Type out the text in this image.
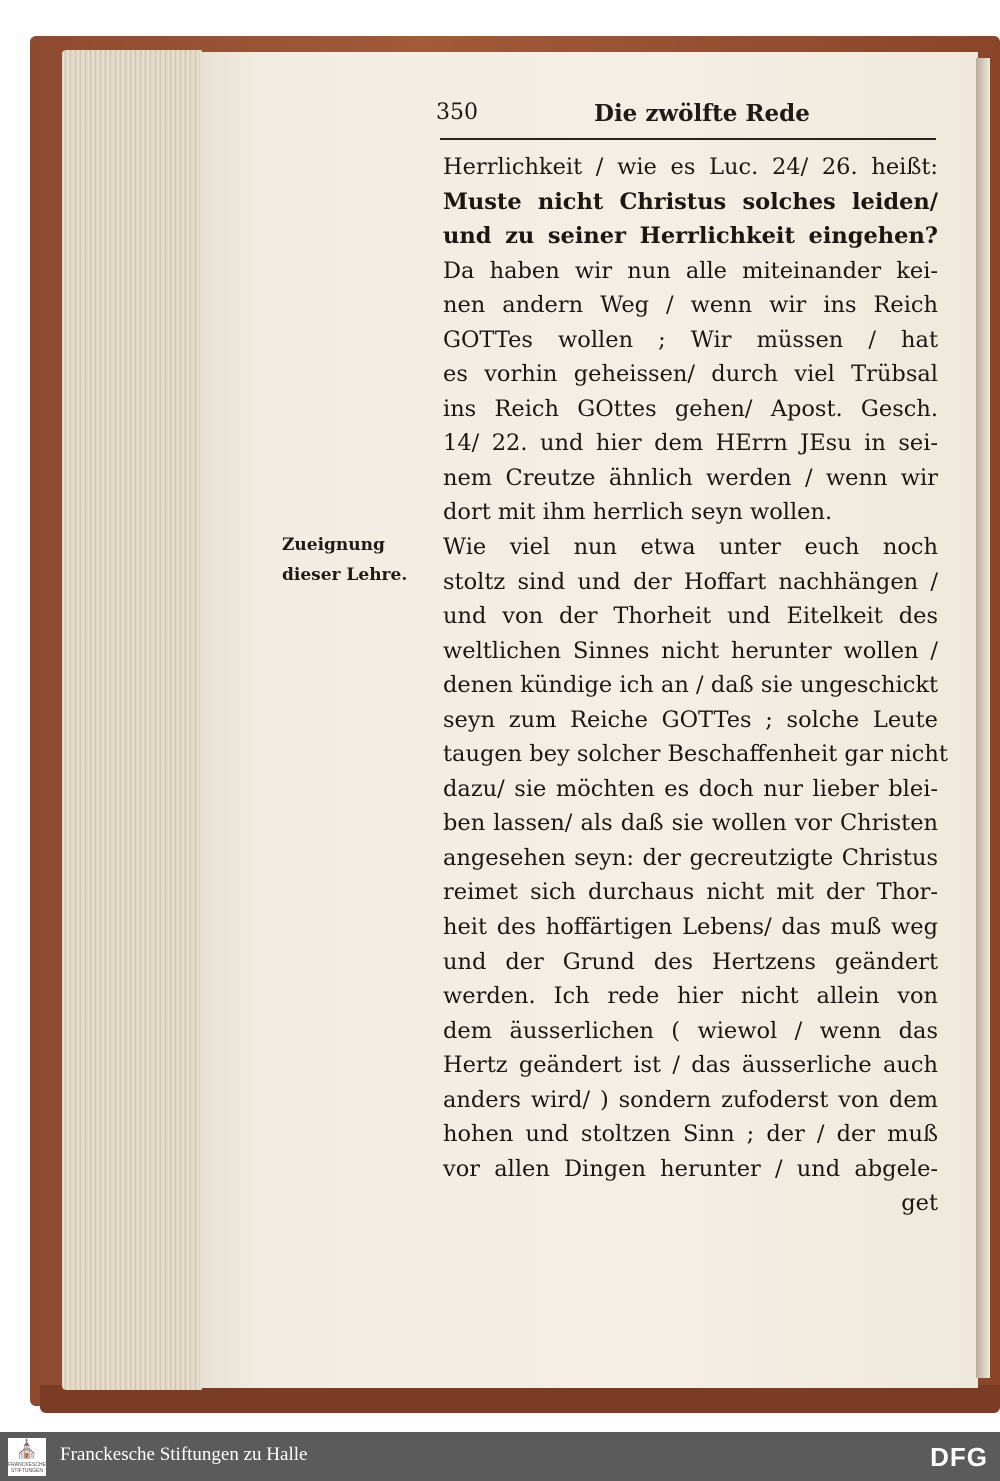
350	Die zwölfte Rede
Zueignung
dieser Lehre.
Herrlichkeit / wie es Luc. 24/ 26. heißt:
Muste nicht Christus solches leiden/
und zu seiner Herrlichkeit eingehen?
Da haben wir nun alle miteinander kei-
nen andern Weg / wenn wir ins Reich
GOTTes wollen ; Wir müssen / hat
es vorhin geheissen/ durch viel Trübsal
ins Reich GOttes gehen/ Apost. Gesch.
14/ 22. und hier dem HErrn JEsu in sei-
nem Creutze ähnlich werden / wenn wir
dort mit ihm herrlich seyn wollen.
Wie viel nun etwa unter euch noch
stoltz sind und der Hoffart nachhängen /
und von der Thorheit und Eitelkeit des
weltlichen Sinnes nicht herunter wollen /
denen kündige ich an / daß sie ungeschickt
seyn zum Reiche GOTTes ; solche Leute
taugen bey solcher Beschaffenheit gar nicht
dazu/ sie möchten es doch nur lieber blei-
ben lassen/ als daß sie wollen vor Christen
angesehen seyn: der gecreutzigte Christus
reimet sich durchaus nicht mit der Thor-
heit des hoffärtigen Lebens/ das muß weg
und der Grund des Hertzens geändert
werden. Ich rede hier nicht allein von
dem äusserlichen ( wiewol / wenn das
Hertz geändert ist / das äusserliche auch
anders wird/ ) sondern zufoderst von dem
hohen und stoltzen Sinn ; der / der muß
vor allen Dingen herunter / und abgele-
get
⛪
FRANCKESCHE STIFTUNGEN
Franckesche Stiftungen zu Halle	DFG
